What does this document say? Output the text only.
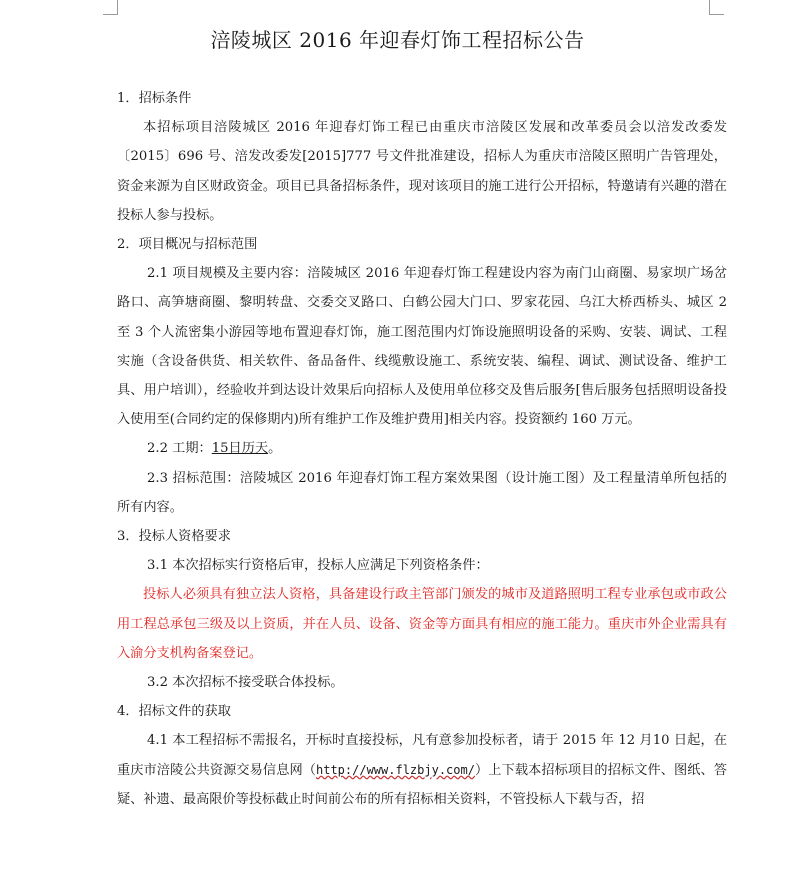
涪陵城区 2016 年迎春灯饰工程招标公告

1．招标条件

本招标项目涪陵城区 2016 年迎春灯饰工程已由重庆市涪陵区发展和改革委员会以涪发改委发〔2015〕696 号、涪发改委发[2015]777 号文件批准建设，招标人为重庆市涪陵区照明广告管理处，资金来源为自区财政资金。项目已具备招标条件，现对该项目的施工进行公开招标，特邀请有兴趣的潜在投标人参与投标。

2．项目概况与招标范围

2.1 项目规模及主要内容：涪陵城区 2016 年迎春灯饰工程建设内容为南门山商圈、易家坝广场岔路口、高笋塘商圈、黎明转盘、交委交叉路口、白鹤公园大门口、罗家花园、乌江大桥西桥头、城区 2 至 3 个人流密集小游园等地布置迎春灯饰，施工图范围内灯饰设施照明设备的采购、安装、调试、工程实施（含设备供货、相关软件、备品备件、线缆敷设施工、系统安装、编程、调试、测试设备、维护工具、用户培训），经验收并到达设计效果后向招标人及使用单位移交及售后服务[售后服务包括照明设备投入使用至(合同约定的保修期内)所有维护工作及维护费用]相关内容。投资额约 160 万元。

2.2 工期：15日历天。

2.3 招标范围：涪陵城区 2016 年迎春灯饰工程方案效果图（设计施工图）及工程量清单所包括的所有内容。

3．投标人资格要求

3.1 本次招标实行资格后审，投标人应满足下列资格条件：

投标人必须具有独立法人资格，具备建设行政主管部门颁发的城市及道路照明工程专业承包或市政公用工程总承包三级及以上资质，并在人员、设备、资金等方面具有相应的施工能力。重庆市外企业需具有入渝分支机构备案登记。

3.2 本次招标不接受联合体投标。

4．招标文件的获取

4.1 本工程招标不需报名，开标时直接投标，凡有意参加投标者，请于 2015 年 12 月10 日起，在重庆市涪陵公共资源交易信息网（http://www.flzbjy.com/）上下载本招标项目的招标文件、图纸、答疑、补遗、最高限价等投标截止时间前公布的所有招标相关资料，不管投标人下载与否，招
